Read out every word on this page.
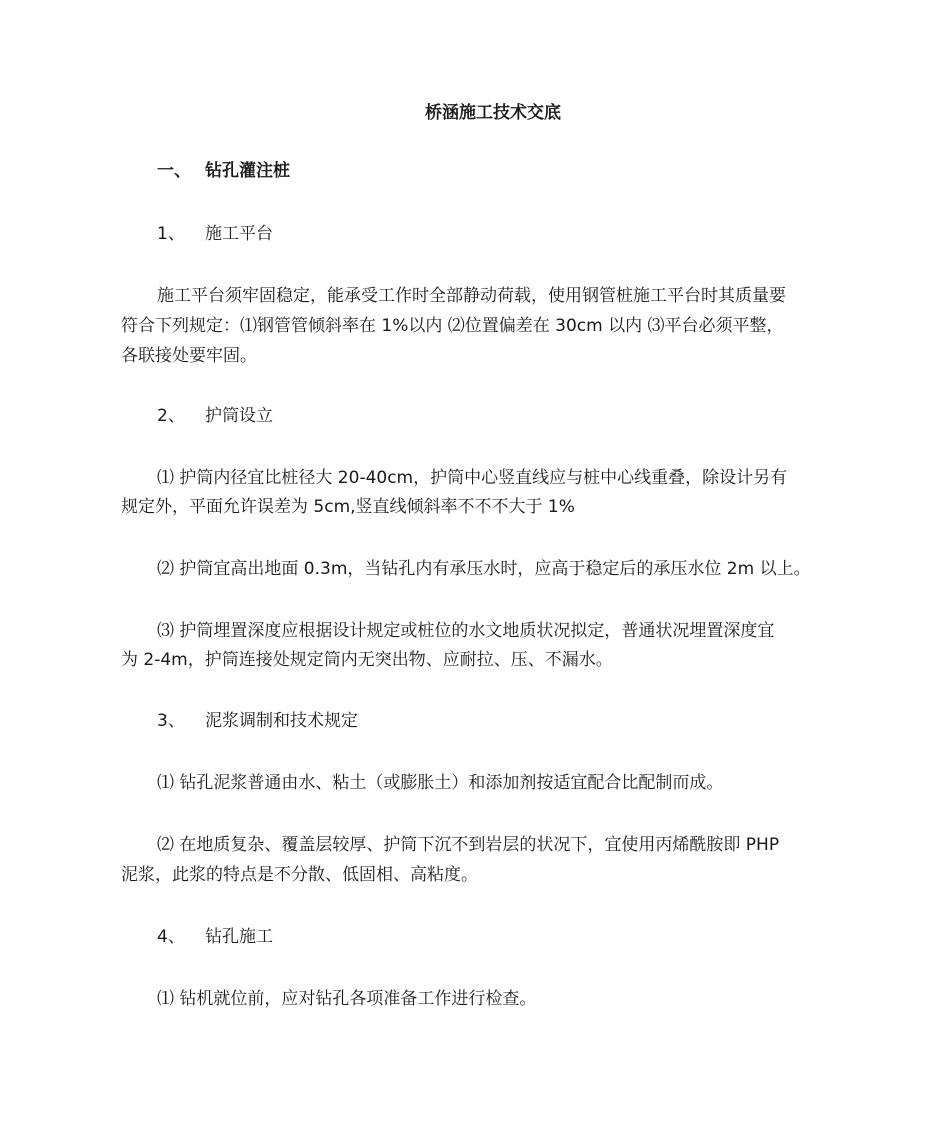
桥涵施工技术交底
一、 钻孔灌注桩
1、 施工平台
施工平台须牢固稳定，能承受工作时全部静动荷载，使用钢管桩施工平台时其质量要
符合下列规定：⑴钢管管倾斜率在 1%以内 ⑵位置偏差在 30cm 以内 ⑶平台必须平整，
各联接处要牢固。
2、 护筒设立
⑴ 护筒内径宜比桩径大 20-40cm，护筒中心竖直线应与桩中心线重叠，除设计另有
规定外，平面允许误差为 5cm,竖直线倾斜率不不不大于 1%
⑵ 护筒宜高出地面 0.3m，当钻孔内有承压水时，应高于稳定后的承压水位 2m 以上。
⑶ 护筒埋置深度应根据设计规定或桩位的水文地质状况拟定，普通状况埋置深度宜
为 2-4m，护筒连接处规定筒内无突出物、应耐拉、压、不漏水。
3、 泥浆调制和技术规定
⑴ 钻孔泥浆普通由水、粘土（或膨胀土）和添加剂按适宜配合比配制而成。
⑵ 在地质复杂、覆盖层较厚、护筒下沉不到岩层的状况下，宜使用丙烯酰胺即 PHP
泥浆，此浆的特点是不分散、低固相、高粘度。
4、 钻孔施工
⑴ 钻机就位前，应对钻孔各项准备工作进行检查。
